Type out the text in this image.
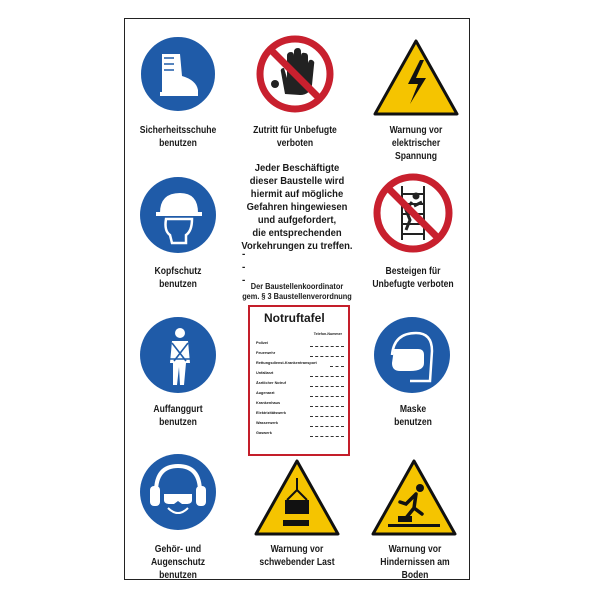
Sicherheitsschuhe
benutzen
Zutritt für Unbefugte
verboten
Warnung vor
elektrischer Spannung
Jeder Beschäftigte
dieser Baustelle wird
hiermit auf mögliche
Gefahren hingewiesen
und aufgefordert,
die entsprechenden
Vorkehrungen zu treffen.
-
-
-
Der Baustellenkoordinator
gem. § 3 Baustellenverordnung
Kopfschutz
benutzen
Besteigen für
Unbefugte verboten
Auffanggurt
benutzen
Maske
benutzen
Notruftafel
Telefon-Nummer
Polizei
Feuerwehr
Rettungsdienst-Krankentransport
Unfallarzt
Ärztlicher Notruf
Augenarzt
Krankenhaus
Elektrizitätswerk
Wasserwerk
Gaswerk
Gehör- und Augenschutz
benutzen
Warnung vor
schwebender Last
Warnung vor
Hindernissen am Boden
